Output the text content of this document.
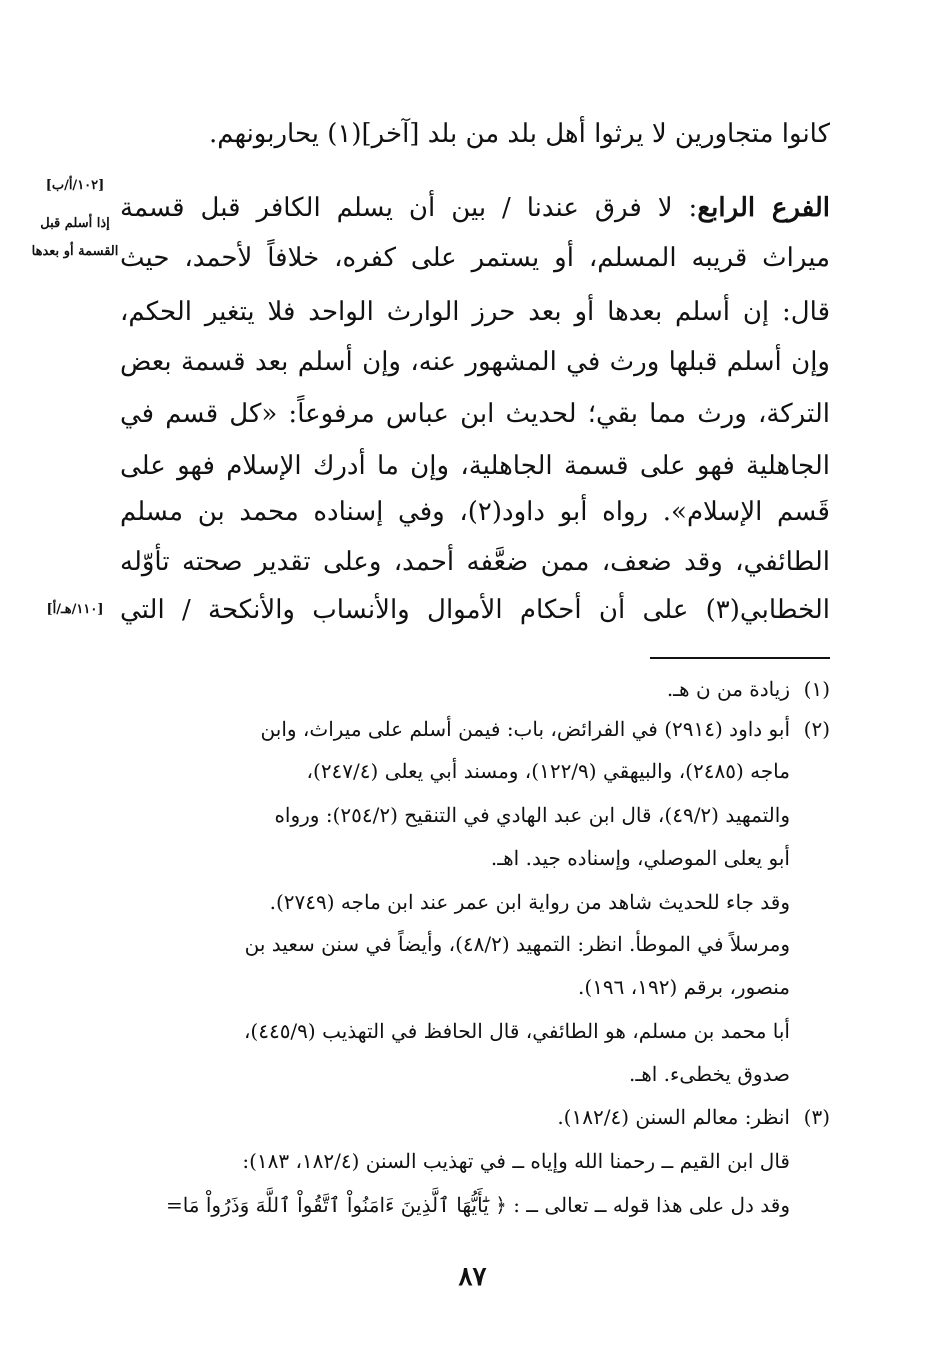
كانوا متجاورين لا يرثوا أهل بلد من بلد [آخر](١) يحاربونهم.
الفرع الرابع: لا فرق عندنا / بين أن يسلم الكافر قبل قسمة
ميراث قريبه المسلم، أو يستمر على كفره، خلافاً لأحمد، حيث
قال: إن أسلم بعدها أو بعد حرز الوارث الواحد فلا يتغير الحكم،
وإن أسلم قبلها ورث في المشهور عنه، وإن أسلم بعد قسمة بعض
التركة، ورث مما بقي؛ لحديث ابن عباس مرفوعاً: «كل قسم في
الجاهلية فهو على قسمة الجاهلية، وإن ما أدرك الإسلام فهو على
قَسم الإسلام». رواه أبو داود(٢)، وفي إسناده محمد بن مسلم
الطائفي، وقد ضعف، ممن ضعَّفه أحمد، وعلى تقدير صحته تأوّله
الخطابي(٣) على أن أحكام الأموال والأنساب والأنكحة / التي
[١٠٢/أ/ب]
إذا أسلم قبل
القسمة أو بعدها
[١١٠/هـ/أ]
(١)زيادة من ن هـ.
(٢)أبو داود (٢٩١٤) في الفرائض، باب: فيمن أسلم على ميراث، وابن
ماجه (٢٤٨٥)، والبيهقي (١٢٢/٩)، ومسند أبي يعلى (٢٤٧/٤)،
والتمهيد (٤٩/٢)، قال ابن عبد الهادي في التنقيح (٢٥٤/٢): ورواه
أبو يعلى الموصلي، وإسناده جيد. اهـ.
وقد جاء للحديث شاهد من رواية ابن عمر عند ابن ماجه (٢٧٤٩).
ومرسلاً في الموطأ. انظر: التمهيد (٤٨/٢)، وأيضاً في سنن سعيد بن
منصور، برقم (١٩٢، ١٩٦).
أبا محمد بن مسلم، هو الطائفي، قال الحافظ في التهذيب (٤٤٥/٩)،
صدوق يخطىء. اهـ.
(٣)انظر: معالم السنن (١٨٢/٤).
قال ابن القيم ــ رحمنا الله وإياه ــ في تهذيب السنن (١٨٢/٤، ١٨٣):
وقد دل على هذا قوله ــ تعالى ــ : ﴿ يَٰٓأَيُّهَا ٱلَّذِينَ ءَامَنُواْ ٱتَّقُواْ ٱللَّهَ وَذَرُواْ مَا=
٨٧
